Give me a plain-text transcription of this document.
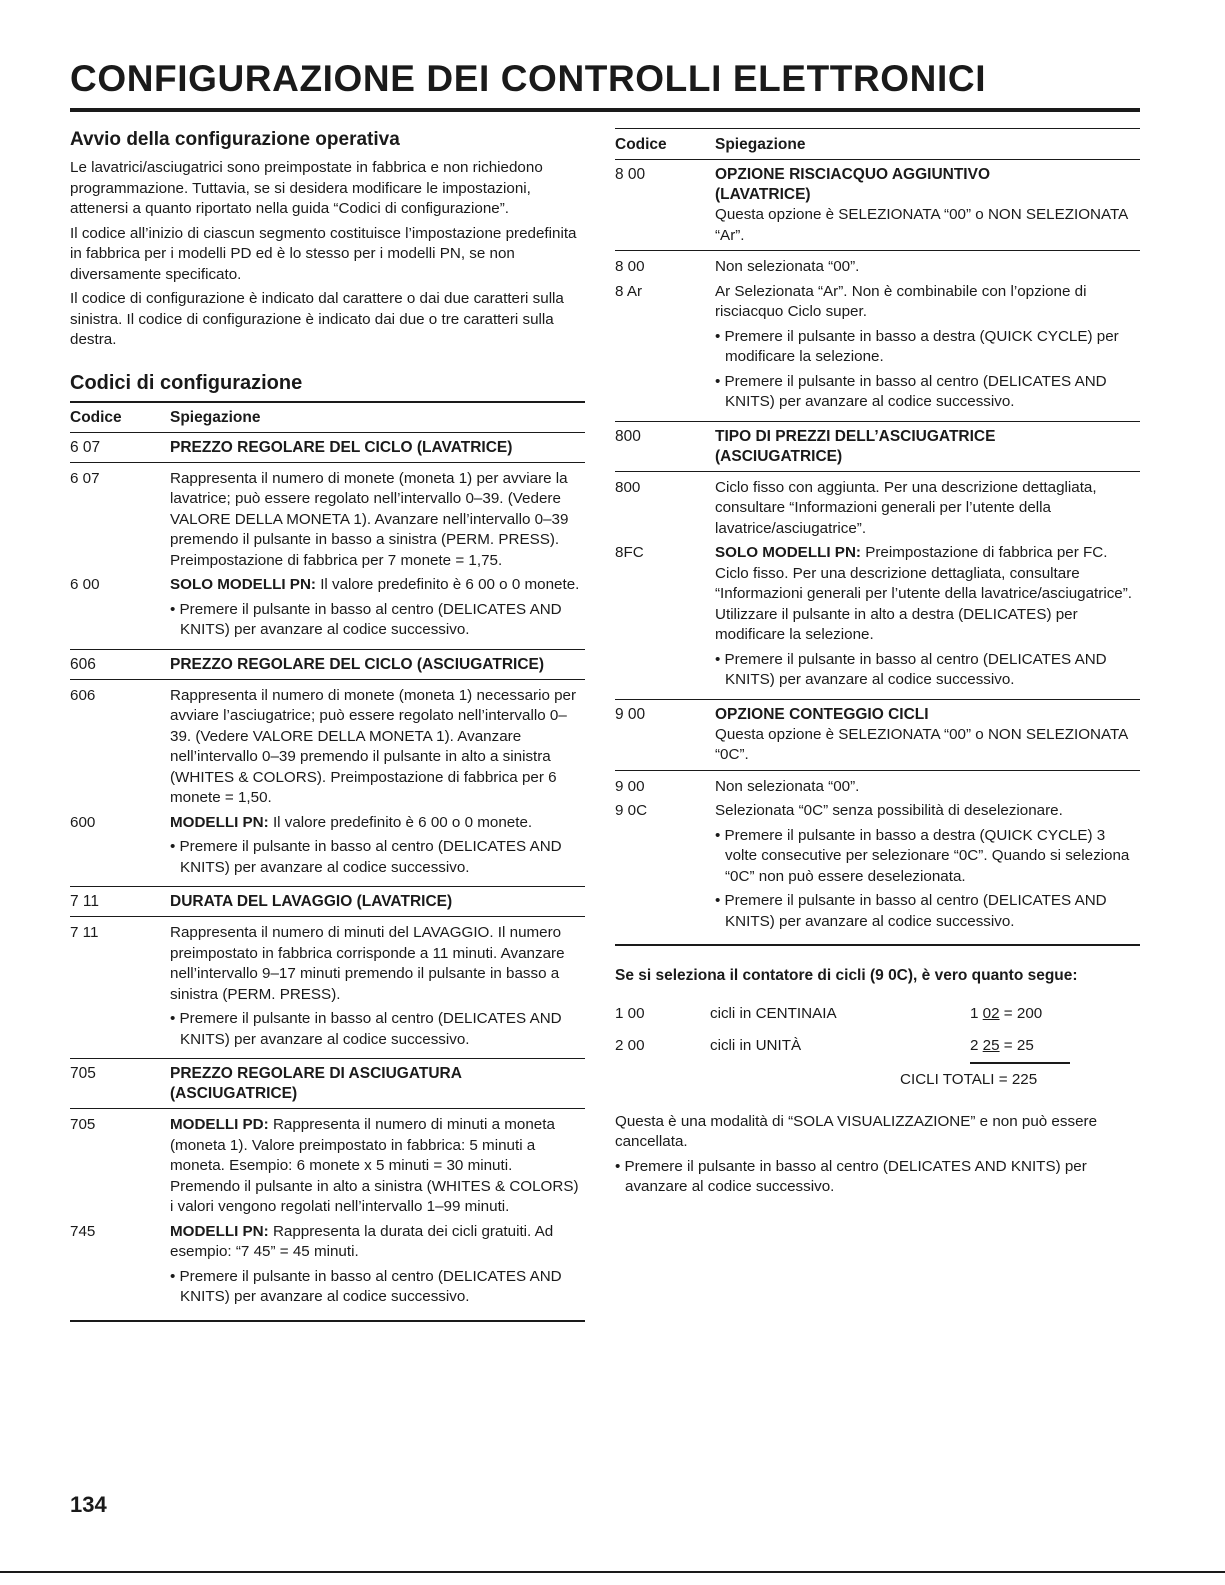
CONFIGURAZIONE DEI CONTROLLI ELETTRONICI
Avvio della configurazione operativa

Le lavatrici/asciugatrici sono preimpostate in fabbrica e non richiedono programmazione. Tuttavia, se si desidera modificare le impostazioni, attenersi a quanto riportato nella guida “Codici di configurazione”.

Il codice all’inizio di ciascun segmento costituisce l’impostazione predefinita in fabbrica per i modelli PD ed è lo stesso per i modelli PN, se non diversamente specificato.

Il codice di configurazione è indicato dal carattere o dai due caratteri sulla sinistra. Il codice di configurazione è indicato dai due o tre caratteri sulla destra.

Codici di configurazione
Codice	Spiegazione
6 07	PREZZO REGOLARE DEL CICLO (LAVATRICE)
6 07	Rappresenta il numero di monete (moneta 1) per avviare la lavatrice; può essere regolato nell’intervallo 0–39. (Vedere VALORE DELLA MONETA 1). Avanzare nell’intervallo 0–39 premendo il pulsante in basso a sinistra (PERM. PRESS). Preimpostazione di fabbrica per 7 monete = 1,75.
6 00	SOLO MODELLI PN: Il valore predefinito è 6 00 o 0 monete.
• Premere il pulsante in basso al centro (DELICATES AND KNITS) per avanzare al codice successivo.
606	PREZZO REGOLARE DEL CICLO (ASCIUGATRICE)
606	Rappresenta il numero di monete (moneta 1) necessario per avviare l’asciugatrice; può essere regolato nell’intervallo 0–39. (Vedere VALORE DELLA MONETA 1). Avanzare nell’intervallo 0–39 premendo il pulsante in alto a sinistra (WHITES & COLORS). Preimpostazione di fabbrica per 6 monete = 1,50.
600	MODELLI PN: Il valore predefinito è 6 00 o 0 monete.
• Premere il pulsante in basso al centro (DELICATES AND KNITS) per avanzare al codice successivo.
7 11	DURATA DEL LAVAGGIO (LAVATRICE)
7 11	Rappresenta il numero di minuti del LAVAGGIO. Il numero preimpostato in fabbrica corrisponde a 11 minuti. Avanzare nell’intervallo 9–17 minuti premendo il pulsante in basso a sinistra (PERM. PRESS).
• Premere il pulsante in basso al centro (DELICATES AND KNITS) per avanzare al codice successivo.
705	PREZZO REGOLARE DI ASCIUGATURA (ASCIUGATRICE)
705	MODELLI PD: Rappresenta il numero di minuti a moneta (moneta 1). Valore preimpostato in fabbrica: 5 minuti a moneta. Esempio: 6 monete x 5 minuti = 30 minuti. Premendo il pulsante in alto a sinistra (WHITES & COLORS) i valori vengono regolati nell’intervallo 1–99 minuti.
745	MODELLI PN: Rappresenta la durata dei cicli gratuiti. Ad esempio: “7 45” = 45 minuti.
• Premere il pulsante in basso al centro (DELICATES AND KNITS) per avanzare al codice successivo.
Codice	Spiegazione
8 00	OPZIONE RISCIACQUO AGGIUNTIVO (LAVATRICE)
Questa opzione è SELEZIONATA “00” o NON SELEZIONATA “Ar”.
8 00	Non selezionata “00”.
8 Ar	Ar Selezionata “Ar”. Non è combinabile con l’opzione di risciacquo Ciclo super.
• Premere il pulsante in basso a destra (QUICK CYCLE) per modificare la selezione.
• Premere il pulsante in basso al centro (DELICATES AND KNITS) per avanzare al codice successivo.
800	TIPO DI PREZZI DELL’ASCIUGATRICE (ASCIUGATRICE)
800	Ciclo fisso con aggiunta. Per una descrizione dettagliata, consultare “Informazioni generali per l’utente della lavatrice/asciugatrice”.
8FC	SOLO MODELLI PN: Preimpostazione di fabbrica per FC. Ciclo fisso. Per una descrizione dettagliata, consultare “Informazioni generali per l’utente della lavatrice/asciugatrice”. Utilizzare il pulsante in alto a destra (DELICATES) per modificare la selezione.
• Premere il pulsante in basso al centro (DELICATES AND KNITS) per avanzare al codice successivo.
9 00	OPZIONE CONTEGGIO CICLI
Questa opzione è SELEZIONATA “00” o NON SELEZIONATA “0C”.
9 00	Non selezionata “00”.
9 0C	Selezionata “0C” senza possibilità di deselezionare.
• Premere il pulsante in basso a destra (QUICK CYCLE) 3 volte consecutive per selezionare “0C”. Quando si seleziona “0C” non può essere deselezionata.
• Premere il pulsante in basso al centro (DELICATES AND KNITS) per avanzare al codice successivo.
Se si seleziona il contatore di cicli (9 0C), è vero quanto segue:
1 00	cicli in CENTINAIA	1 02 = 200
2 00	cicli in UNITÀ	2 25 = 25
CICLI TOTALI = 225

Questa è una modalità di “SOLA VISUALIZZAZIONE” e non può essere cancellata.

• Premere il pulsante in basso al centro (DELICATES AND KNITS) per avanzare al codice successivo.
134
